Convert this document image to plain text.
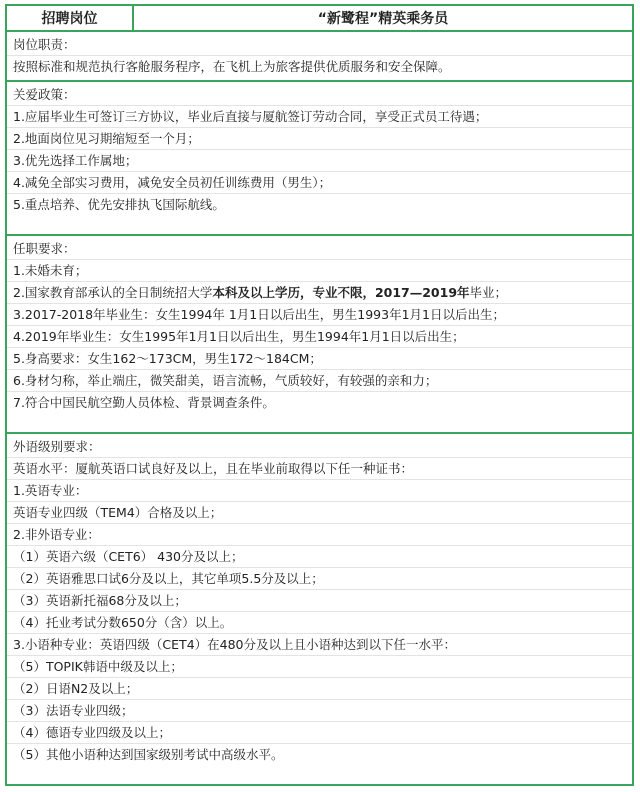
招聘岗位	“新鹭程”精英乘务员
岗位职责：
按照标准和规范执行客舱服务程序，在飞机上为旅客提供优质服务和安全保障。
关爱政策：
1.应届毕业生可签订三方协议，毕业后直接与厦航签订劳动合同，享受正式员工待遇；
2.地面岗位见习期缩短至一个月；
3.优先选择工作属地；
4.减免全部实习费用，减免安全员初任训练费用（男生）；
5.重点培养、优先安排执飞国际航线。
任职要求：
1.未婚未育；
2.国家教育部承认的全日制统招大学本科及以上学历，专业不限，2017—2019年毕业；
3.2017-2018年毕业生：女生1994年 1月1日以后出生，男生1993年1月1日以后出生；
4.2019年毕业生：女生1995年1月1日以后出生，男生1994年1月1日以后出生；
5.身高要求：女生162～173CM，男生172～184CM；
6.身材匀称，举止端庄，微笑甜美，语言流畅，气质较好，有较强的亲和力；
7.符合中国民航空勤人员体检、背景调查条件。
外语级别要求：
英语水平：厦航英语口试良好及以上，且在毕业前取得以下任一种证书：
1.英语专业：
英语专业四级（TEM4）合格及以上；
2.非外语专业：
（1）英语六级（CET6） 430分及以上；
（2）英语雅思口试6分及以上，其它单项5.5分及以上；
（3）英语新托福68分及以上；
（4）托业考试分数650分（含）以上。
3.小语种专业：英语四级（CET4）在480分及以上且小语种达到以下任一水平：
（5）TOPIK韩语中级及以上；
（2）日语N2及以上；
（3）法语专业四级；
（4）德语专业四级及以上；
（5）其他小语种达到国家级别考试中高级水平。
